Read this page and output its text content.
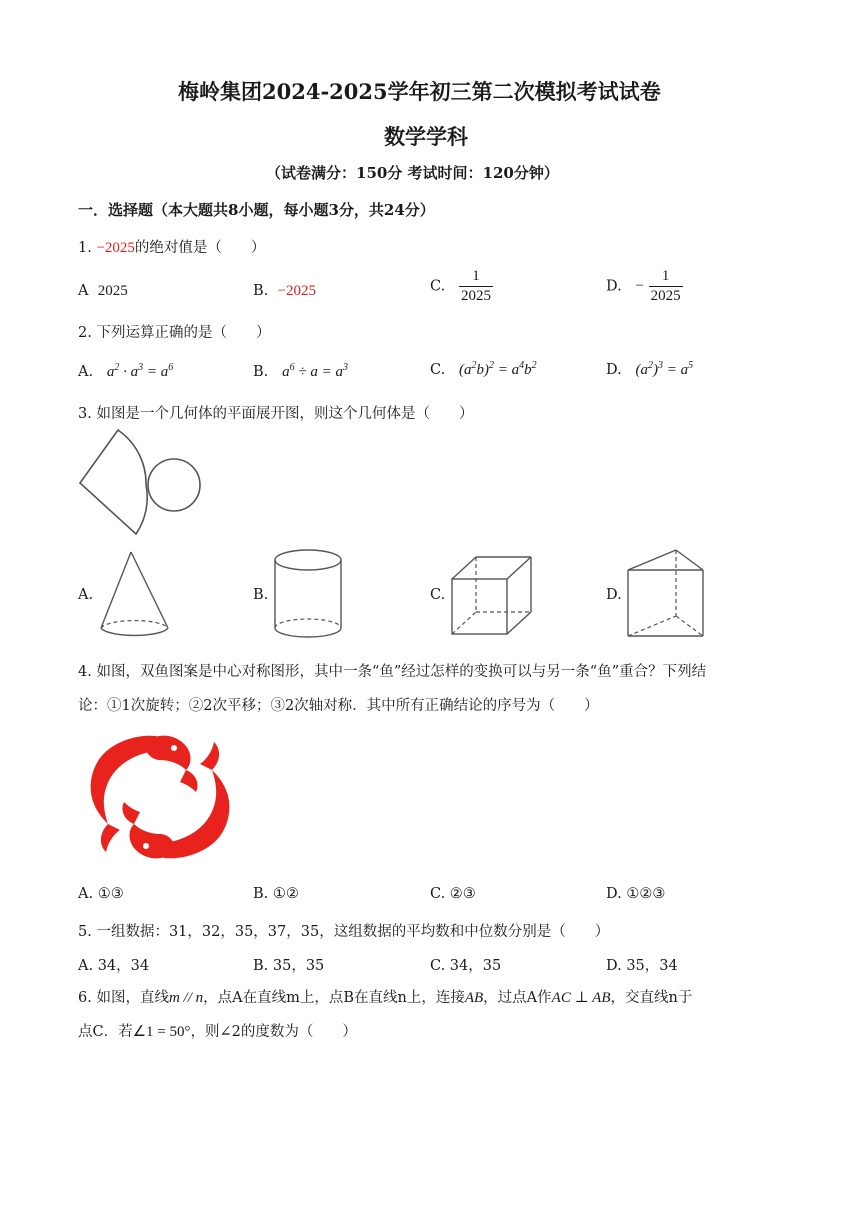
梅岭集团2024-2025学年初三第二次模拟考试试卷
数学学科
（试卷满分：150分 考试时间：120分钟）
一．选择题（本大题共8小题，每小题3分，共24分）
1. −2025的绝对值是（　　）
A 2025	B. −2025	C. $\frac{1}{2025}$	D. − $\frac{1}{2025}$
2. 下列运算正确的是（　　）
A. $a^2 \cdot a^3 = a^6$	B. $a^6 \div a = a^3$	C. $(a^2b)^2 = a^4b^2$	D. $(a^2)^3 = a^5$
3. 如图是一个几何体的平面展开图，则这个几何体是（　　）
A.	B.	C.	D.
4. 如图，双鱼图案是中心对称图形，其中一条“鱼”经过怎样的变换可以与另一条“鱼”重合？下列结
论：①1次旋转；②2次平移；③2次轴对称．其中所有正确结论的序号为（　　）
A. ①③	B. ①②	C. ②③	D. ①②③
5. 一组数据：31，32，35，37，35，这组数据的平均数和中位数分别是（　　）
A. 34，34	B. 35，35	C. 34，35	D. 35，34
6. 如图，直线m // n，点A在直线m上，点B在直线n上，连接AB，过点A作AC ⊥ AB，交直线n于
点C．若∠1 = 50°，则∠2的度数为（　　）
